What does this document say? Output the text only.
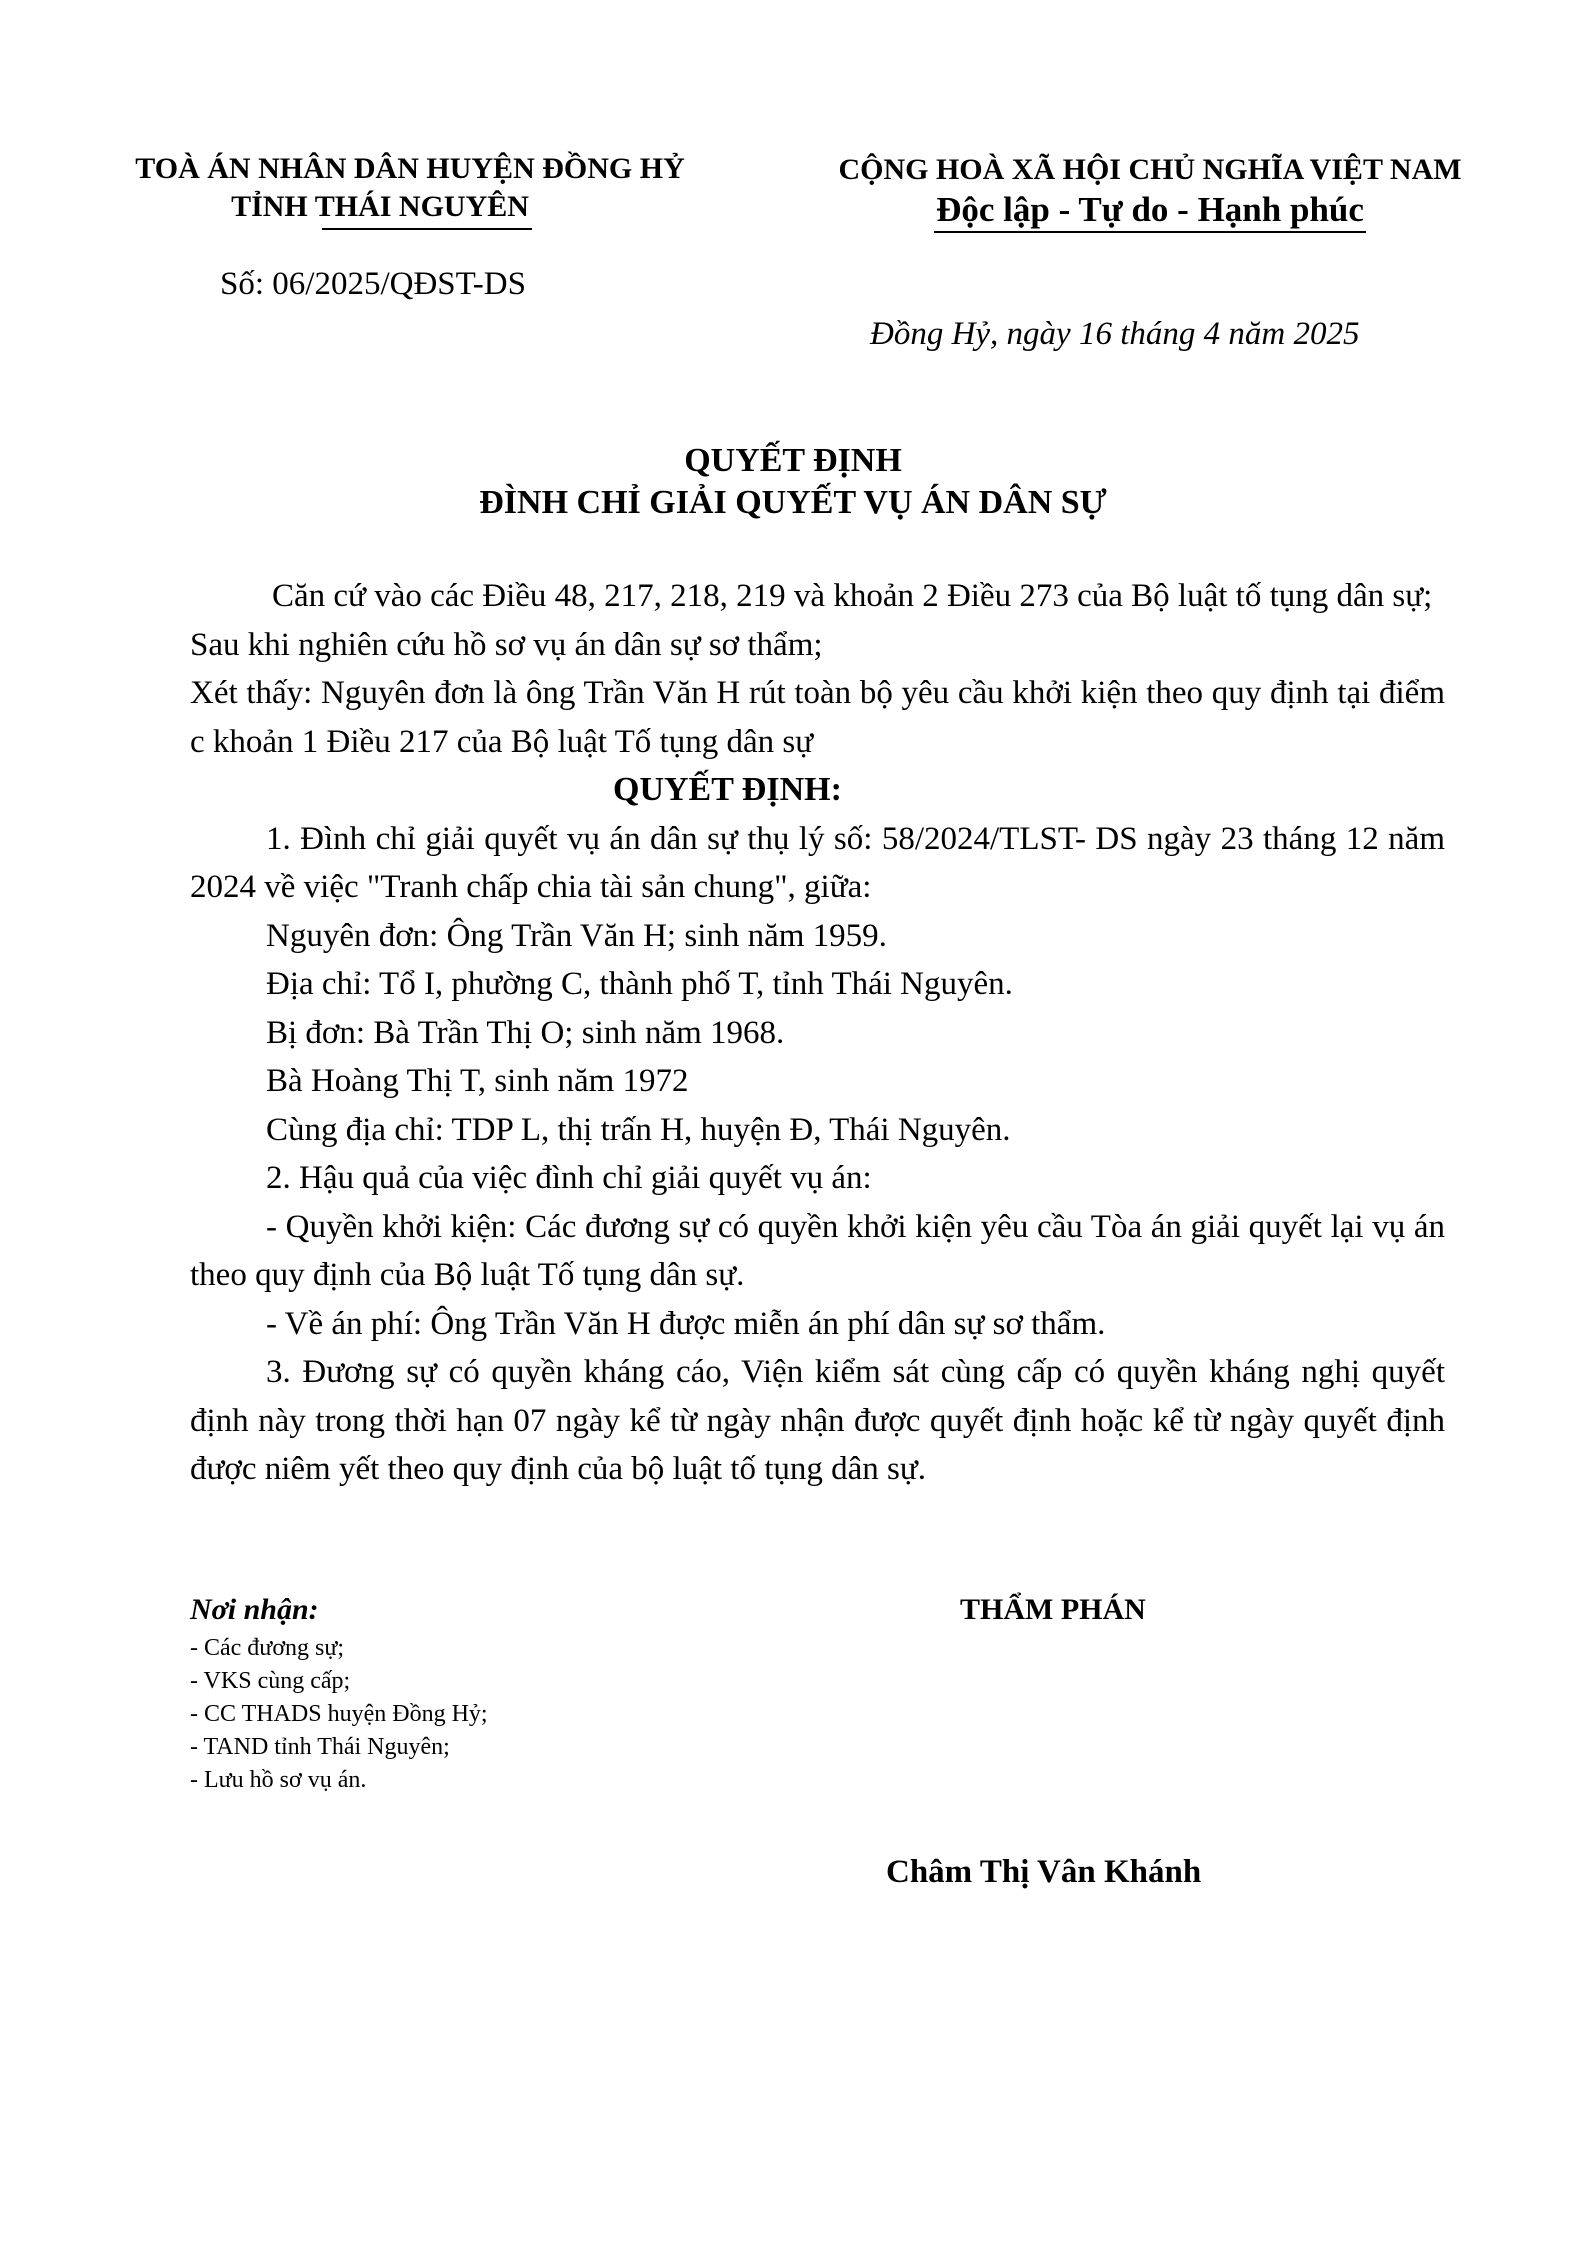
TOÀ ÁN NHÂN DÂN HUYỆN ĐỒNG HỶ
TỈNH THÁI NGUYÊN
CỘNG HOÀ XÃ HỘI CHỦ NGHĨA VIỆT NAM
Độc lập - Tự do - Hạnh phúc
Số: 06/2025/QĐST-DS
Đồng Hỷ, ngày 16 tháng 4 năm 2025
QUYẾT ĐỊNH
ĐÌNH CHỈ GIẢI QUYẾT VỤ ÁN DÂN SỰ

Căn cứ vào các Điều 48, 217, 218, 219 và khoản 2 Điều 273 của Bộ luật tố tụng dân sự;

Sau khi nghiên cứu hồ sơ vụ án dân sự sơ thẩm;

Xét thấy: Nguyên đơn là ông Trần Văn H rút toàn bộ yêu cầu khởi kiện theo quy định tại điểm c khoản 1 Điều 217 của Bộ luật Tố tụng dân sự

QUYẾT ĐỊNH:

1. Đình chỉ giải quyết vụ án dân sự thụ lý số: 58/2024/TLST- DS ngày 23 tháng 12 năm 2024 về việc "Tranh chấp chia tài sản chung", giữa:

Nguyên đơn: Ông Trần Văn H; sinh năm 1959.

Địa chỉ: Tổ I, phường C, thành phố T, tỉnh Thái Nguyên.

Bị đơn: Bà Trần Thị O; sinh năm 1968.

Bà Hoàng Thị T, sinh năm 1972

Cùng địa chỉ: TDP L, thị trấn H, huyện Đ, Thái Nguyên.

2. Hậu quả của việc đình chỉ giải quyết vụ án:

- Quyền khởi kiện: Các đương sự có quyền khởi kiện yêu cầu Tòa án giải quyết lại vụ án theo quy định của Bộ luật Tố tụng dân sự.

- Về án phí: Ông Trần Văn H được miễn án phí dân sự sơ thẩm.

3. Đương sự có quyền kháng cáo, Viện kiểm sát cùng cấp có quyền kháng nghị quyết định này trong thời hạn 07 ngày kể từ ngày nhận được quyết định hoặc kể từ ngày quyết định được niêm yết theo quy định của bộ luật tố tụng dân sự.

Nơi nhận:
- Các đương sự;
- VKS cùng cấp;
- CC THADS huyện Đồng Hỷ;
- TAND tỉnh Thái Nguyên;
- Lưu hồ sơ vụ án.
THẨM PHÁN
Châm Thị Vân Khánh
